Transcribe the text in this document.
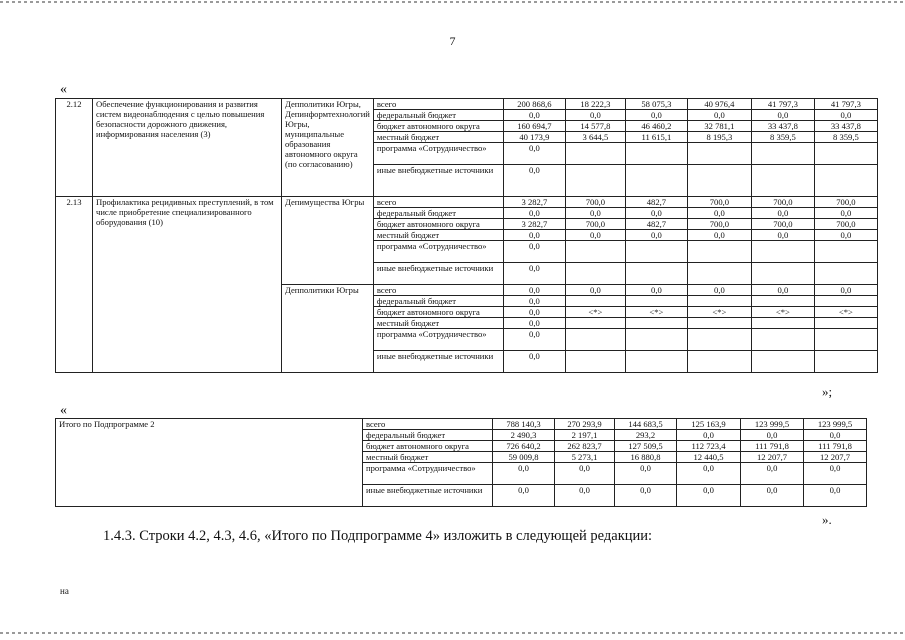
7
«
2.12	Обеспечение функционирования и развития систем видеонаблюдения с целью повышения безопасности дорожного движения, информирования населения (3)	Депполитики Югры, Депинформтехнологий Югры, муниципальные образования автономного округа (по согласованию)	всего	200 868,6	18 222,3	58 075,3	40 976,4	41 797,3	41 797,3
			федеральный бюджет	0,0	0,0	0,0	0,0	0,0	0,0
			бюджет автономного округа	160 694,7	14 577,8	46 460,2	32 781,1	33 437,8	33 437,8
			местный бюджет	40 173,9	3 644,5	11 615,1	8 195,3	8 359,5	8 359,5
			программа «Сотрудничество»	0,0					
			иные внебюджетные источники	0,0					
2.13	Профилактика рецидивных преступлений, в том числе приобретение специализированного оборудования (10)	Депимущества Югры	всего	3 282,7	700,0	482,7	700,0	700,0	700,0
			федеральный бюджет	0,0	0,0	0,0	0,0	0,0	0,0
			бюджет автономного округа	3 282,7	700,0	482,7	700,0	700,0	700,0
			местный бюджет	0,0	0,0	0,0	0,0	0,0	0,0
			программа «Сотрудничество»	0,0					
			иные внебюджетные источники	0,0					
		Депполитики Югры	всего	0,0	0,0	0,0	0,0	0,0	0,0
			федеральный бюджет	0,0					
			бюджет автономного округа	0,0	<*>	<*>	<*>	<*>	<*>
			местный бюджет	0,0					
			программа «Сотрудничество»	0,0					
			иные внебюджетные источники	0,0					
»;
«
Итого по Подпрограмме 2	всего	788 140,3	270 293,9	144 683,5	125 163,9	123 999,5	123 999,5
	федеральный бюджет	2 490,3	2 197,1	293,2	0,0	0,0	0,0
	бюджет автономного округа	726 640,2	262 823,7	127 509,5	112 723,4	111 791,8	111 791,8
	местный бюджет	59 009,8	5 273,1	16 880,8	12 440,5	12 207,7	12 207,7
	программа «Сотрудничество»	0,0	0,0	0,0	0,0	0,0	0,0
	иные внебюджетные источники	0,0	0,0	0,0	0,0	0,0	0,0
».
1.4.3. Строки 4.2, 4.3, 4.6, «Итого по Подпрограмме 4» изложить в следующей редакции:
на
